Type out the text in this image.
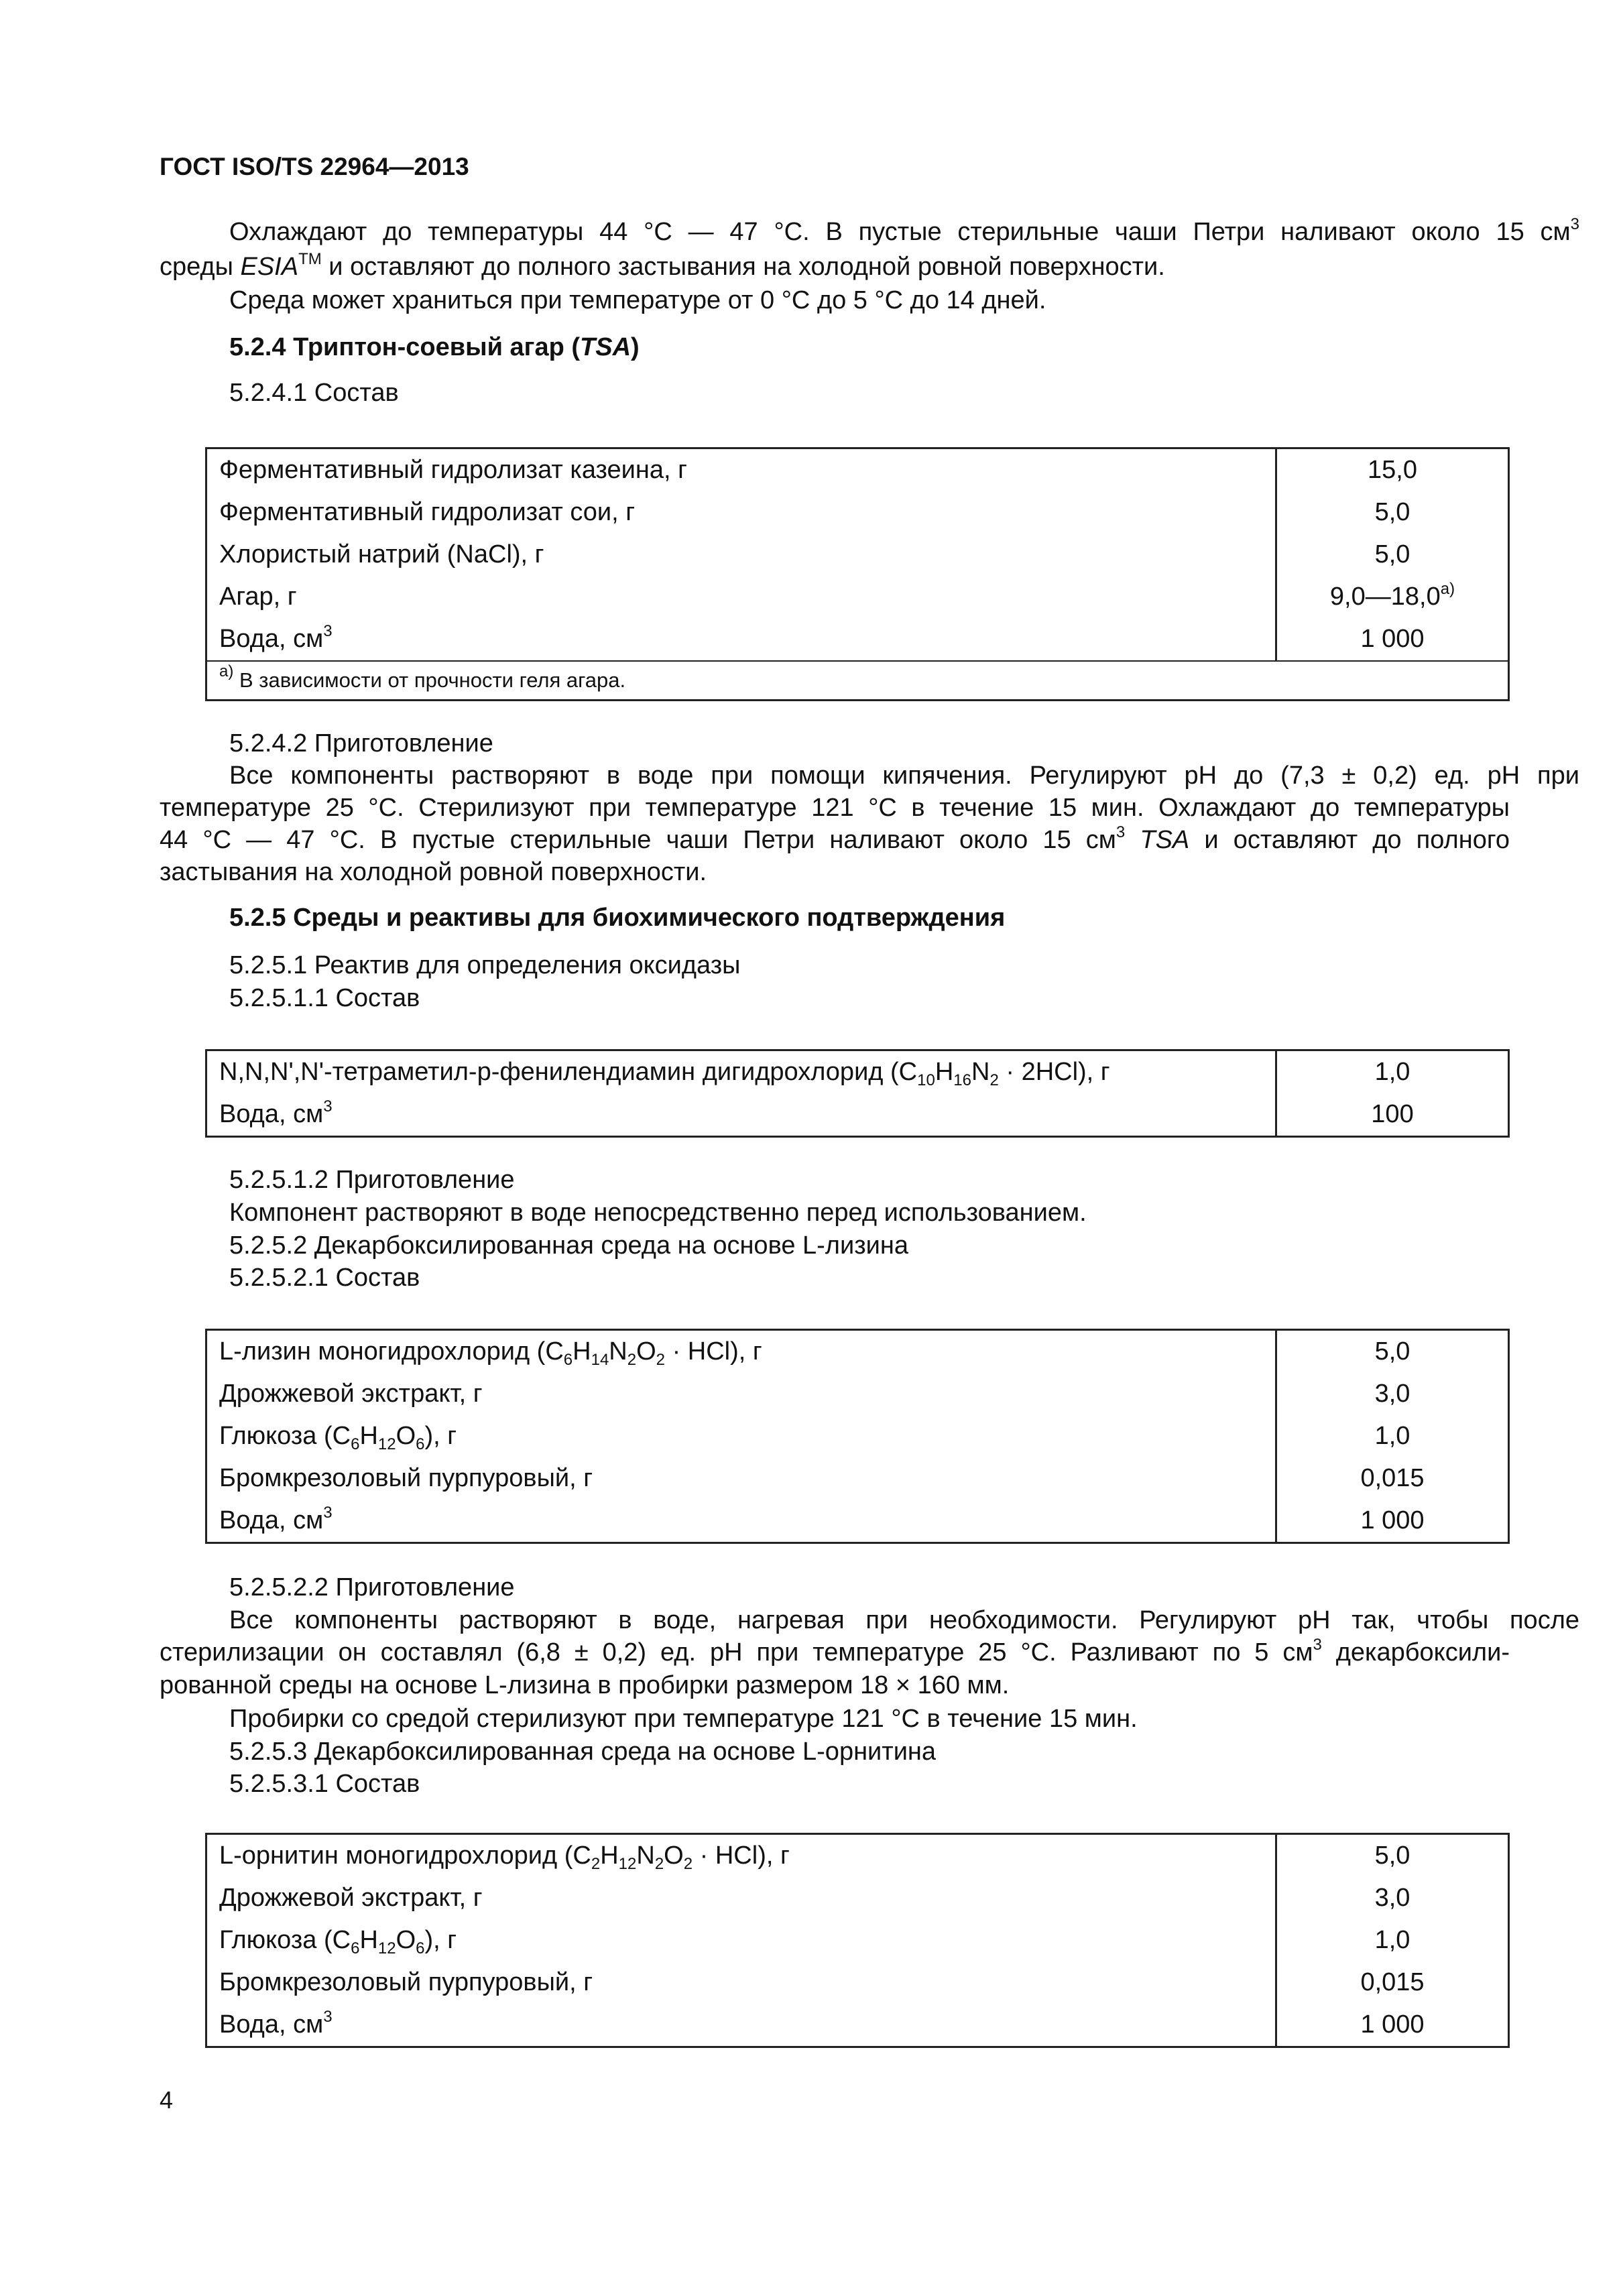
ГОСТ ISO/TS 22964—2013
Охлаждают до температуры 44 °С — 47 °С. В пустые стерильные чаши Петри наливают около 15 $см^3$
среды ESIA™ и оставляют до полного застывания на холодной ровной поверхности.
Среда может храниться при температуре от 0 °С до 5 °С до 14 дней.
5.2.4 Триптон-соевый агар (TSA)
5.2.4.1 Состав
Ферментативный гидролизат казеина, г	15,0
Ферментативный гидролизат сои, г	5,0
Хлористый натрий (NaCl), г	5,0
Агар, г	$9,0—18,0^{а)}$
Вода, $см^3$	1 000
$^{а)}$ В зависимости от прочности геля агара.	
5.2.4.2 Приготовление
Все компоненты растворяют в воде при помощи кипячения. Регулируют pH до (7,3 ± 0,2) ед. pH при
температуре 25 °С. Стерилизуют при температуре 121 °С в течение 15 мин. Охлаждают до температуры
44 °С — 47 °С. В пустые стерильные чаши Петри наливают около 15 $см^3$ TSA и оставляют до полного
застывания на холодной ровной поверхности.
5.2.5 Среды и реактивы для биохимического подтверждения
5.2.5.1 Реактив для определения оксидазы
5.2.5.1.1 Состав
N,N,N',N'-тетраметил-р-фенилендиамин дигидрохлорид $(C_{10}H_{16}N_2 \cdot 2HCl)$, г	1,0
Вода, $см^3$	100
5.2.5.1.2 Приготовление
Компонент растворяют в воде непосредственно перед использованием.
5.2.5.2 Декарбоксилированная среда на основе L-лизина
5.2.5.2.1 Состав
L-лизин моногидрохлорид $(C_6H_{14}N_2O_2 \cdot HCl)$, г	5,0
Дрожжевой экстракт, г	3,0
Глюкоза $(C_6H_{12}O_6)$, г	1,0
Бромкрезоловый пурпуровый, г	0,015
Вода, $см^3$	1 000
5.2.5.2.2 Приготовление
Все компоненты растворяют в воде, нагревая при необходимости. Регулируют pH так, чтобы после
стерилизации он составлял (6,8 ± 0,2) ед. pH при температуре 25 °С. Разливают по 5 $см^3$ декарбоксили-
рованной среды на основе L-лизина в пробирки размером 18 × 160 мм.
Пробирки со средой стерилизуют при температуре 121 °С в течение 15 мин.
5.2.5.3 Декарбоксилированная среда на основе L-орнитина
5.2.5.3.1 Состав
L-орнитин моногидрохлорид $(C_2H_{12}N_2O_2 \cdot HCl)$, г	5,0
Дрожжевой экстракт, г	3,0
Глюкоза $(C_6H_{12}O_6)$, г	1,0
Бромкрезоловый пурпуровый, г	0,015
Вода, $см^3$	1 000
4
